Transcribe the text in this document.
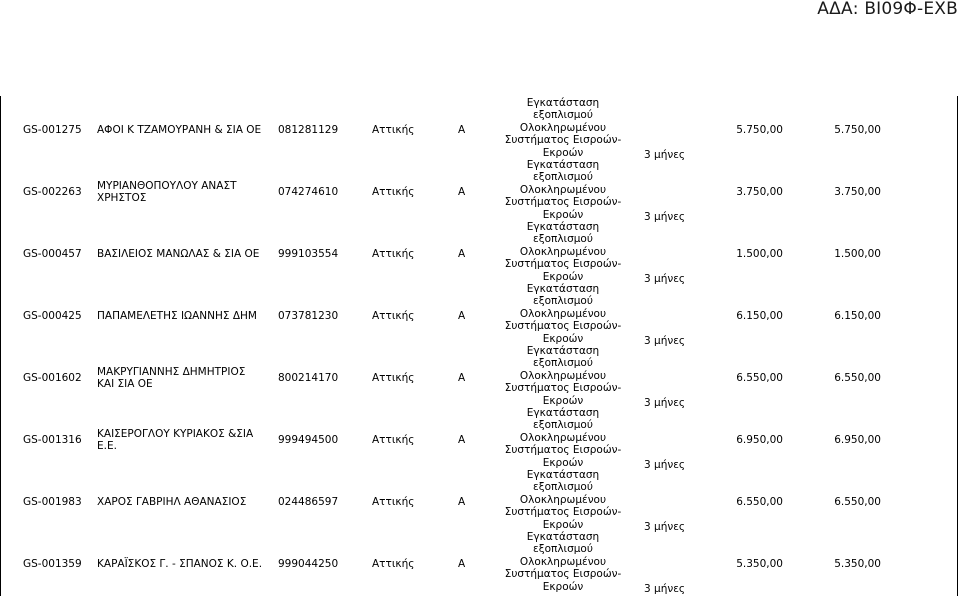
ΑΔΑ: ΒΙ09Φ-ΕΧΒ
GS-001275 ΑΦΟΙ Κ ΤΖΑΜΟΥΡΑΝΗ & ΣΙΑ ΟΕ	081281129	Αττικής	Α
Εγκατάσταση
εξοπλισμού
Ολοκληρωμένου
Συστήματος Εισροών-
Εκροών	3 μήνες
5.750,00	5.750,00
GS-002263 ΜΥΡΙΑΝΘΟΠΟΥΛΟΥ ΑΝΑΣΤ
ΧΡΗΣΤΟΣ	074274610	Αττικής	Α
Εγκατάσταση
εξοπλισμού
Ολοκληρωμένου
Συστήματος Εισροών-
Εκροών	3 μήνες
3.750,00	3.750,00
GS-000457 ΒΑΣΙΛΕΙΟΣ ΜΑΝΩΛΑΣ & ΣΙΑ ΟΕ	999103554	Αττικής	Α
Εγκατάσταση
εξοπλισμού
Ολοκληρωμένου
Συστήματος Εισροών-
Εκροών	3 μήνες
1.500,00	1.500,00
GS-000425 ΠΑΠΑΜΕΛΕΤΗΣ ΙΩΑΝΝΗΣ ΔΗΜ	073781230	Αττικής	Α
Εγκατάσταση
εξοπλισμού
Ολοκληρωμένου
Συστήματος Εισροών-
Εκροών	3 μήνες
6.150,00	6.150,00
GS-001602 ΜΑΚΡΥΓΙΑΝΝΗΣ ΔΗΜΗΤΡΙΟΣ
ΚΑΙ ΣΙΑ ΟΕ	800214170	Αττικής	Α
Εγκατάσταση
εξοπλισμού
Ολοκληρωμένου
Συστήματος Εισροών-
Εκροών	3 μήνες
6.550,00	6.550,00
GS-001316 ΚΑΙΣΕΡΟΓΛΟΥ ΚΥΡΙΑΚΟΣ &ΣΙΑ
Ε.Ε.	999494500	Αττικής	Α
Εγκατάσταση
εξοπλισμού
Ολοκληρωμένου
Συστήματος Εισροών-
Εκροών	3 μήνες
6.950,00	6.950,00
GS-001983 ΧΑΡΟΣ ΓΑΒΡΙΗΛ ΑΘΑΝΑΣΙΟΣ	024486597	Αττικής	Α
Εγκατάσταση
εξοπλισμού
Ολοκληρωμένου
Συστήματος Εισροών-
Εκροών	3 μήνες
6.550,00	6.550,00
GS-001359 ΚΑΡΑΪΣΚΟΣ Γ. - ΣΠΑΝΟΣ Κ. Ο.Ε.	999044250	Αττικής	Α
Εγκατάσταση
εξοπλισμού
Ολοκληρωμένου
Συστήματος Εισροών-
Εκροών	3 μήνες
5.350,00	5.350,00
